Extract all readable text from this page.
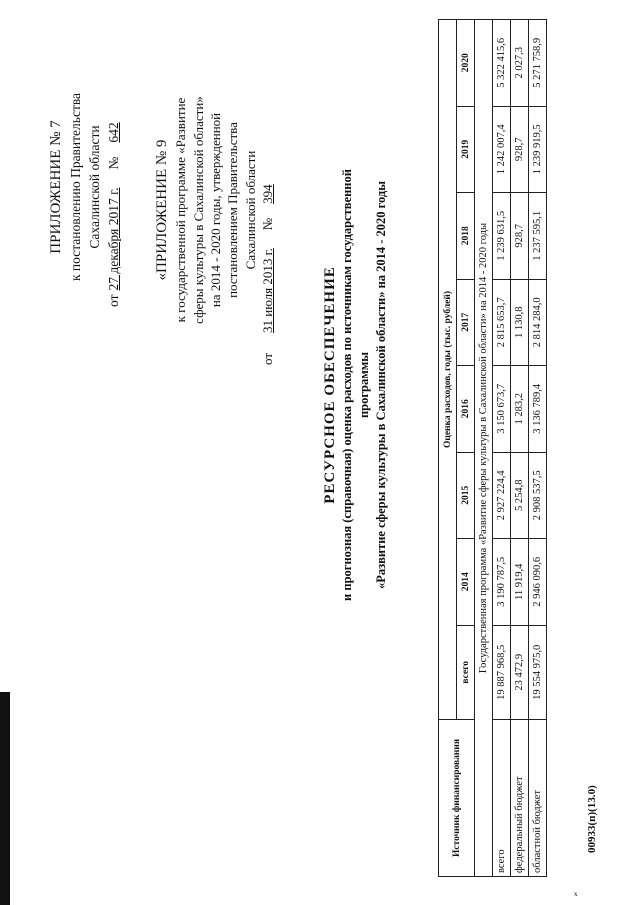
x

ПРИЛОЖЕНИЕ № 7 к постановлению Правительства Сахалинской области
от
27 декабря 2017 г.
№
642

«ПРИЛОЖЕНИЕ № 9 к государственной программе «Развитие сферы культуры в Сахалинской области» на 2014 - 2020 годы, утвержденной постановлением Правительства Сахалинской области
от
31 июля 2013 г.
№
394
РЕСУРСНОЕ ОБЕСПЕЧЕНИЕ и прогнозная (справочная) оценка расходов по источникам государственной программы «Развитие сферы культуры в Сахалинской области» на 2014 - 2020 годы
Источник финансирования	Оценка расходов, годы (тыс. рублей)							
	всего	2014	2015	2016	2017	2018	2019	2020
Государственная программа «Развитие сферы культуры в Сахалинской области» на 2014 - 2020 годы								
всего	19 887 968,5	3 190 787,5	2 927 224,4	3 150 673,7	2 815 653,7	1 239 631,5	1 242 007,4	5 322 415,6
федеральный бюджет	23 472,9	11 919,4	5 254,8	1 283,2	1 130,8	928,7	928,7	2 027,3
областной бюджет	19 554 975,0	2 946 090,6	2 908 537,5	3 136 789,4	2 814 284,0	1 237 595,1	1 239 919,5	5 271 758,9
00933(п)(13.0)
